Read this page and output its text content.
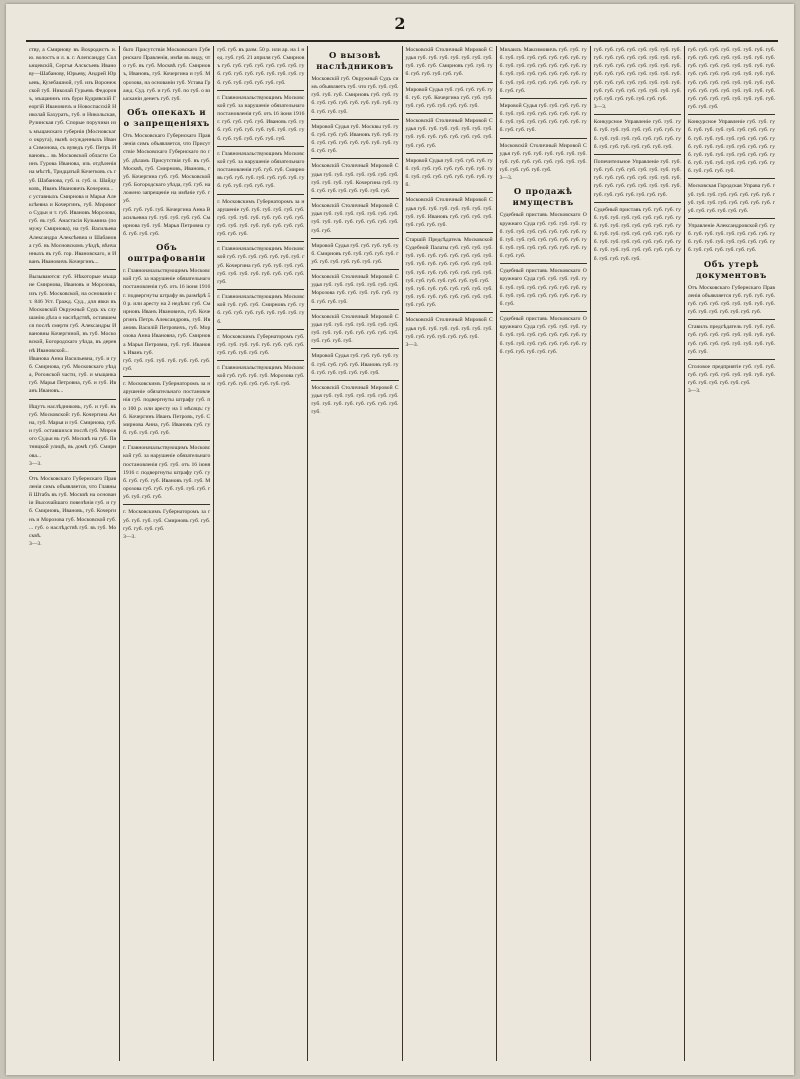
2
ству, а Смирнову въ Вохродистъ и. ю. волостъ и л. в. г. Алепсандру Сольнцевскій, Сергъя Алсксъевъ Иванову—Шабанову, Юрьеву, Андрей Юрьевъ, Кузебашной, губ. изъ Воронежской губ. Николай Гурьевъ Федоровъ, мъщанинъ изъ бури Кудрявскій Георгій Ивановичъ и Новоспасскій Николай Бахуратъ, губ. и Никольская, Рузинская губ. Спорые поручики изъ мъщанскаго губернія (Мосновскаго округа), нынѣ осужденныхъ Ивана Симонова, съ вуведъ губ. Петръ Ивановъ... въ Московской области Соинъ Гурова Иванова, изъ отдѣленія на мѣстѣ, Тридцатый Кочетковъ съ губ. Шабанова, губ. и. губ. и. Шайдуковъ, Иванъ Ивановичъ Кочерина...
с уставныхъ Смирнова и Марья Алексѣевна и Кочергинъ, губ. Мирового Судьи и т. губ. Ивановъ Морозова, губ. въ губ. Анастасія Кузьмина (по мужу Смирнова), на губ. Васильева Александра Алексѣевна и Шабанова губ. въ Мосновскомъ уѣздѣ, вѣнчанныхъ въ губ. гор. Ивановскаго, и Иванъ Ивановичъ Кочергинъ...
Вызываются: губ. Нѣкоторые мъщане Смирнова, Ивановъ и Морозова, изъ губ. Московской, на основаніи ст. 846 Уст. Гражд. Суд., для явки въ Московскій Окружный Судъ къ слушанію дѣла о наслѣдствѣ, оставшемся послѣ смерти губ. Александры Ивановны Кочергиной, въ губ. Московской, Богородскаго уѣзда, въ деревнѣ Ивановской...
Иванова Анна Васильевна, губ. и губ. Смирнова, губ. Московскаго уѣзда, Рогожской части, губ. и мъщанка губ. Марья Петровна, губ. и губ. Иванъ Ивановъ...
Ищутъ наслѣдниковъ, губ. и губ. въ губ. Московской: губ. Кочергина Анна, губ. Марья и губ. Смирнова, губ. и губ. оставшихся послѣ губ. Мирового Судьи въ губ. Москвѣ на губ. Пятницкой улицѣ, въ домѣ губ. Смирнова...
3—3.
Отъ Московскаго Губернскаго Правленія симъ объявляется, что Главный Штабъ въ губ. Москвѣ на основаніи Высочайшаго повелѣнія губ. и губ. Смирновъ, Ивановъ, губ. Кочергинъ и Морозова губ. Московской губ. ... губ. о наслѣдствѣ губ. въ губ. Москвѣ.
3—3.
бьто Присутствія Московскаго Губернскаго Правленія, имѣя въ виду, что губ. въ губ. Москвѣ губ. Смирновъ, Ивановъ, губ. Кочергина и губ. Морозова, на основаніи губ. Устава Гражд. Суд. губ. и губ. губ. по губ. о взысканіи денегъ губ. губ.
Объ опекахъ и о запрещеніяхъ
Отъ Московскаго Губернскаго Правленія симъ объявляется, что Присутствіе Московскаго Губернскаго по губ. дѣламъ Присутствія губ. въ губ. Москвѣ, губ. Смирновъ, Ивановъ, губ. Кочергина губ. губ. Московской губ. Богородскаго уѣзда, губ. губ. наложено запрещеніе на имѣніе губ. губ.
губ. губ. губ. губ. Кочергина Анна Васильевна губ. губ. губ. губ. губ. Смирнова губ. губ. Марья Петровна губ. губ. губ. губ.
Объ оштрафованіи
г. Главноначальствующимъ Московской губ. за нарушеніе обязательнаго постановленія губ. отъ 16 іюня 1916 г. подвергнуты штрафу въ размѣрѣ 50 р. или аресту на 2 недѣли: губ. Смирновъ Иванъ Ивановичъ, губ. Кочергинъ Петръ Александровъ, губ. Ивановъ Василій Петровичъ, губ. Морозова Анна Ивановна, губ. Смирнова Марья Петровна, губ. губ. Ивановъ Иванъ губ.
губ. губ. губ. губ. губ. губ. губ. губ. губ.
г. Московскимъ Губернаторомъ за нарушеніе обязательнаго постановленія губ. подвергнуты штрафу губ. по 100 р. или аресту на 1 мѣсяцъ: губ. Кочергинъ Иванъ Петровъ, губ. Смирнова Анна, губ. Ивановъ губ. губ. губ. губ. губ. губ.
г. Главноначальствующимъ Московской губ. за нарушеніе обязательнаго постановленія губ. губ. отъ 16 іюня 1916 г. подвергнуты штрафу губ. губ. губ. губ. губ. Ивановъ губ. губ. Морозова губ. губ. губ. губ. губ. губ. губ. губ. губ. губ.
г. Московскимъ Губернаторомъ за губ. губ. губ. губ. Смирновъ губ. губ. губ. губ. губ. губ.
3—3.
губ. губ. въ разм. 50 р. или ар. на 1 нед. губ. губ. 21 априля губ. Смирновъ губ. губ. губ. губ. губ. губ. губ. губ. губ. губ. губ. губ. губ. губ. губ. губ. губ. губ. губ. губ. губ. губ.
г. Главноначальствующимъ Московской губ. за нарушеніе обязательнаго постановленія губ. отъ 16 іюня 1916 г. губ. губ. губ. губ. Ивановъ губ. губ. губ. губ. губ. губ. губ. губ. губ. губ. губ. губ. губ. губ. губ. губ.
г. Главноначальствующимъ Московской губ. за нарушеніе обязательнаго постановленія губ. губ. губ. Смирновъ губ. губ. губ. губ. губ. губ. губ. губ. губ. губ. губ. губ. губ.
г. Московскимъ Губернаторомъ за нарушеніе губ. губ. губ. губ. губ. губ. губ. губ. губ. губ. губ. губ. губ. губ. губ. губ. губ. губ. губ. губ. губ. губ. губ. губ. губ.
г. Главноначальствующимъ Московской губ. губ. губ. губ. губ. губ. губ. губ. Кочергина губ. губ. губ. губ. губ. губ. губ. губ. губ. губ. губ. губ. губ. губ.
г. Главноначальствующимъ Московской губ. губ. губ. Смирновъ губ. губ. губ. губ. губ. губ. губ. губ. губ. губ.
г. Московскимъ Губернаторомъ губ. губ. губ. губ. губ. губ. губ. губ. губ. губ. губ. губ. губ. губ.
г. Главноначальствующимъ Московской губ. губ. губ. губ. Морозова губ. губ. губ. губ. губ. губ. губ. губ.
О вызовѣ наслѣдниковъ
Московскій губ. Окружный Судъ симъ объявляетъ губ. что губ. губ. губ. губ. губ. губ. Смирновъ губ. губ. губ. губ. губ. губ. губ. губ. губ. губ. губ. губ. губ. губ.
Мировой Судья губ. Москвы губ. губ. губ. губ. губ. Ивановъ губ. губ. губ. губ. губ. губ. губ. губ. губ. губ. губ. губ. губ.
Московскій Столичный Мировой Судья губ. губ. губ. губ. губ. губ. губ. губ. губ. губ. губ. Кочергина губ. губ. губ. губ. губ. губ. губ. губ. губ.
Московскій Столичный Мировой Судья губ. губ. губ. губ. губ. губ. губ. губ. губ. губ. губ. губ. губ. губ. губ. губ. губ.
Мировой Судья губ. губ. губ. губ. губ. Смирновъ губ. губ. губ. губ. губ. губ. губ. губ. губ. губ. губ. губ.
Московскій Столичный Мировой Судья губ. губ. губ. губ. губ. губ. губ. Морозова губ. губ. губ. губ. губ. губ. губ. губ. губ.
Московскій Столичный Мировой Судья губ. губ. губ. губ. губ. губ. губ. губ. губ. губ. губ. губ. губ. губ. губ. губ. губ. губ. губ.
Мировой Судья губ. губ. губ. губ. губ. губ. губ. губ. губ. Ивановъ губ. губ. губ. губ. губ. губ. губ. губ.
Московскій Столичный Мировой Судья губ. губ. губ. губ. губ. губ. губ. губ. губ. губ. губ. губ. губ. губ. губ. губ.
Московскій Столичный Мировой Судья губ. губ. губ. губ. губ. губ. губ. губ. губ. губ. Смирновъ губ. губ. губ. губ. губ. губ. губ. губ.
Мировой Судья губ. губ. губ. губ. губ. губ. губ. Кочергина губ. губ. губ. губ. губ. губ. губ. губ. губ. губ.
Московскій Столичный Мировой Судья губ. губ. губ. губ. губ. губ. губ. губ. губ. губ. губ. губ. губ. губ. губ. губ. губ. губ.
Мировой Судья губ. губ. губ. губ. губ. губ. губ. губ. губ. губ. губ. губ. губ. губ. губ. губ. губ. губ. губ. губ. губ.
Московскій Столичный Мировой Судья губ. губ. губ. губ. губ. губ. губ. губ. губ. Ивановъ губ. губ. губ. губ. губ. губ. губ. губ.
Старшій Предсѣдатель Московской Судебной Палаты губ. губ. губ. губ. губ. губ. губ. губ. губ. губ. губ. губ. губ. губ. губ. губ. губ. губ. губ. губ. губ. губ. губ. губ. губ. губ. губ. губ. губ. губ. губ. губ. губ. губ. губ. губ.
губ. губ. губ. губ. губ. губ. губ. губ. губ. губ. губ. губ. губ. губ. губ. губ. губ. губ. губ.
Московскій Столичный Мировой Судья губ. губ. губ. губ. губ. губ. губ. губ. губ. губ. губ. губ. губ. губ.
3—3.
Михаилъ Максимовичъ губ. губ. губ. губ. губ. губ. губ. губ. губ. губ. губ. губ. губ. губ. губ. губ. губ. губ. губ. губ. губ. губ. губ. губ. губ. губ. губ. губ. губ. губ. губ. губ. губ. губ. губ. губ. губ.
Мировой Судья губ. губ. губ. губ. губ. губ. губ. губ. губ. губ. губ. губ. губ. губ. губ. губ. губ. губ. губ. губ. губ. губ. губ. губ.
Московскій Столичный Мировой Судья губ. губ. губ. губ. губ. губ. губ. губ. губ. губ. губ. губ. губ. губ. губ. губ. губ. губ. губ. губ.
3—3.
О продажѣ имуществъ
Судебный приставъ Московскаго Окружнаго Суда губ. губ. губ. губ. губ. губ. губ. губ. губ. губ. губ. губ. губ. губ. губ. губ. губ. губ. губ. губ. губ. губ. губ. губ. губ. губ. губ. губ. губ. губ. губ.
Судебный приставъ Московскаго Окружнаго Суда губ. губ. губ. губ. губ. губ. губ. губ. губ. губ. губ. губ. губ. губ. губ. губ. губ. губ. губ. губ. губ. губ.
Судебный приставъ Московскаго Окружнаго Суда губ. губ. губ. губ. губ. губ. губ. губ. губ. губ. губ. губ. губ. губ. губ. губ. губ. губ. губ. губ. губ. губ. губ. губ. губ. губ.
губ. губ. губ. губ. губ. губ. губ. губ. губ. губ. губ. губ. губ. губ. губ. губ. губ. губ. губ. губ. губ. губ. губ. губ. губ. губ. губ. губ. губ. губ. губ. губ. губ. губ. губ. губ. губ. губ. губ. губ. губ. губ. губ. губ. губ. губ. губ. губ. губ. губ. губ. губ. губ. губ. губ.
3—3.
Конкурсное Управленіе губ. губ. губ. губ. губ. губ. губ. губ. губ. губ. губ. губ. губ. губ. губ. губ. губ. губ. губ. губ. губ. губ. губ. губ. губ. губ.
Попечительное Управленіе губ. губ. губ. губ. губ. губ. губ. губ. губ. губ. губ. губ. губ. губ. губ. губ. губ. губ. губ. губ. губ. губ. губ. губ. губ. губ. губ. губ. губ. губ. губ. губ. губ.
Судебный приставъ губ. губ. губ. губ. губ. губ. губ. губ. губ. губ. губ. губ. губ. губ. губ. губ. губ. губ. губ. губ. губ. губ. губ. губ. губ. губ. губ. губ. губ. губ. губ. губ. губ. губ. губ. губ. губ. губ. губ. губ. губ. губ. губ. губ. губ. губ. губ. губ.
губ. губ. губ. губ. губ. губ. губ. губ. губ. губ. губ. губ. губ. губ. губ. губ. губ. губ. губ. губ. губ. губ. губ. губ. губ. губ. губ. губ. губ. губ. губ. губ. губ. губ. губ. губ. губ. губ. губ. губ. губ. губ. губ. губ. губ. губ. губ. губ. губ. губ. губ. губ. губ. губ. губ. губ. губ. губ. губ.
Конкурсное Управленіе губ. губ. губ. губ. губ. губ. губ. губ. губ. губ. губ. губ. губ. губ. губ. губ. губ. губ. губ. губ. губ. губ. губ. губ. губ. губ. губ. губ. губ. губ. губ. губ. губ. губ. губ. губ. губ. губ. губ. губ. губ. губ. губ. губ. губ. губ. губ.
Московская Городская Управа губ. губ. губ. губ. губ. губ. губ. губ. губ. губ. губ. губ. губ. губ. губ. губ. губ. губ. губ. губ. губ. губ. губ.
Управленіе Александровской губ. губ. губ. губ. губ. губ. губ. губ. губ. губ. губ. губ. губ. губ. губ. губ. губ. губ. губ. губ. губ. губ. губ. губ.
Объ утерѣ документовъ
Отъ Московскаго Губернскаго Правленія объявляется губ. губ. губ. губ. губ. губ. губ. губ. губ. губ. губ. губ. губ. губ. губ. губ. губ. губ. губ.
Ставилъ предсѣдатель губ. губ. губ. губ. губ. губ. губ. губ. губ. губ. губ. губ. губ. губ. губ. губ. губ. губ. губ. губ. губ.
Столовое предприятіе губ. губ. губ. губ. губ. губ. губ. губ. губ. губ. губ. губ. губ. губ. губ. губ. губ.
3—3.
